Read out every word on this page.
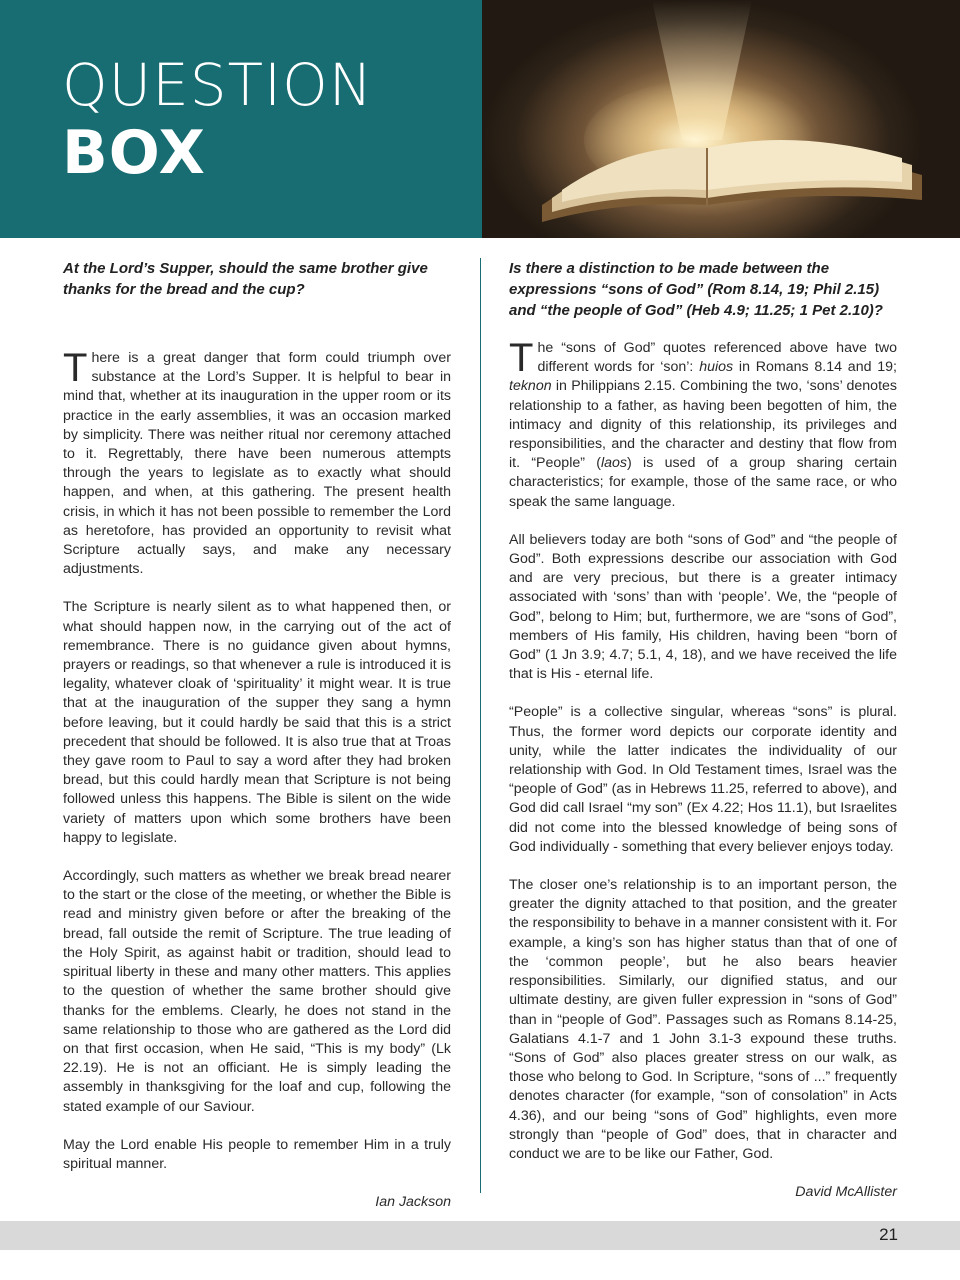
QUESTION
BOX
At the Lord’s Supper, should the same brother give thanks for the bread and the cup?

There is a great danger that form could triumph over substance at the Lord’s Supper. It is helpful to bear in mind that, whether at its inauguration in the upper room or its practice in the early assemblies, it was an occasion marked by simplicity. There was neither ritual nor ceremony attached to it. Regrettably, there have been numerous attempts through the years to legislate as to exactly what should happen, and when, at this gathering. The present health crisis, in which it has not been possible to remember the Lord as heretofore, has provided an opportunity to revisit what Scripture actually says, and make any necessary adjustments.

The Scripture is nearly silent as to what happened then, or what should happen now, in the carrying out of the act of remembrance. There is no guidance given about hymns, prayers or readings, so that whenever a rule is introduced it is legality, whatever cloak of ‘spirituality’ it might wear. It is true that at the inauguration of the supper they sang a hymn before leaving, but it could hardly be said that this is a strict precedent that should be followed. It is also true that at Troas they gave room to Paul to say a word after they had broken bread, but this could hardly mean that Scripture is not being followed unless this happens. The Bible is silent on the wide variety of matters upon which some brothers have been happy to legislate.

Accordingly, such matters as whether we break bread nearer to the start or the close of the meeting, or whether the Bible is read and ministry given before or after the breaking of the bread, fall outside the remit of Scripture. The true leading of the Holy Spirit, as against habit or tradition, should lead to spiritual liberty in these and many other matters. This applies to the question of whether the same brother should give thanks for the emblems. Clearly, he does not stand in the same relationship to those who are gathered as the Lord did on that first occasion, when He said, “This is my body” (Lk 22.19). He is not an officiant. He is simply leading the assembly in thanksgiving for the loaf and cup, following the stated example of our Saviour.

May the Lord enable His people to remember Him in a truly spiritual manner.

Ian Jackson
Is there a distinction to be made between the expressions “sons of God” (Rom 8.14, 19; Phil 2.15) and “the people of God” (Heb 4.9; 11.25; 1 Pet 2.10)?

The “sons of God” quotes referenced above have two different words for ‘son’: huios in Romans 8.14 and 19; teknon in Philippians 2.15. Combining the two, ‘sons’ denotes relationship to a father, as having been begotten of him, the intimacy and dignity of this relationship, its privileges and responsibilities, and the character and destiny that flow from it. “People” (laos) is used of a group sharing certain characteristics; for example, those of the same race, or who speak the same language.

All believers today are both “sons of God” and “the people of God”. Both expressions describe our association with God and are very precious, but there is a greater intimacy associated with ‘sons’ than with ‘people’. We, the “people of God”, belong to Him; but, furthermore, we are “sons of God”, members of His family, His children, having been “born of God” (1 Jn 3.9; 4.7; 5.1, 4, 18), and we have received the life that is His - eternal life.

“People” is a collective singular, whereas “sons” is plural. Thus, the former word depicts our corporate identity and unity, while the latter indicates the individuality of our relationship with God. In Old Testament times, Israel was the “people of God” (as in Hebrews 11.25, referred to above), and God did call Israel “my son” (Ex 4.22; Hos 11.1), but Israelites did not come into the blessed knowledge of being sons of God individually - something that every believer enjoys today.

The closer one’s relationship is to an important person, the greater the dignity attached to that position, and the greater the responsibility to behave in a manner consistent with it. For example, a king’s son has higher status than that of one of the ‘common people’, but he also bears heavier responsibilities. Similarly, our dignified status, and our ultimate destiny, are given fuller expression in “sons of God” than in “people of God”. Passages such as Romans 8.14-25, Galatians 4.1-7 and 1 John 3.1-3 expound these truths. “Sons of God” also places greater stress on our walk, as those who belong to God. In Scripture, “sons of ...” frequently denotes character (for example, “son of consolation” in Acts 4.36), and our being “sons of God” highlights, even more strongly than “people of God” does, that in character and conduct we are to be like our Father, God.

David McAllister
21
